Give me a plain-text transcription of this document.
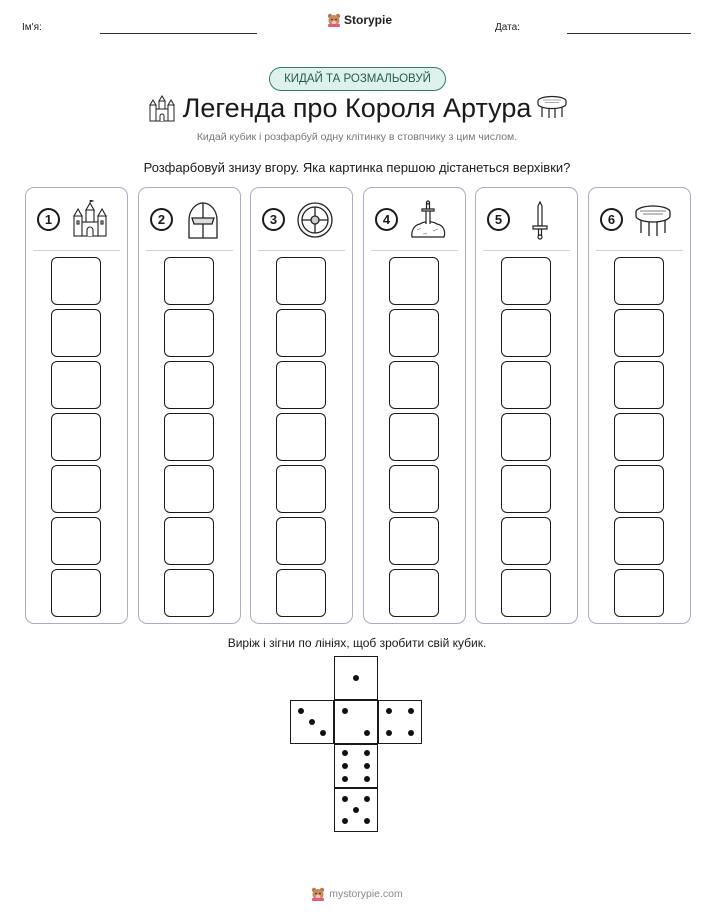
Ім'я:
Storypie
Дата:
КИДАЙ ТА РОЗМАЛЬОВУЙ
Легенда про Короля Артура
Кидай кубик і розфарбуй одну клітинку в стовпчику з цим числом.
Розфарбовуй знизу вгору. Яка картинка першою дістанеться верхівки?
1	2	3	4	5	6
Виріж і зігни по лініях, щоб зробити свій кубик.
mystorypie.com
